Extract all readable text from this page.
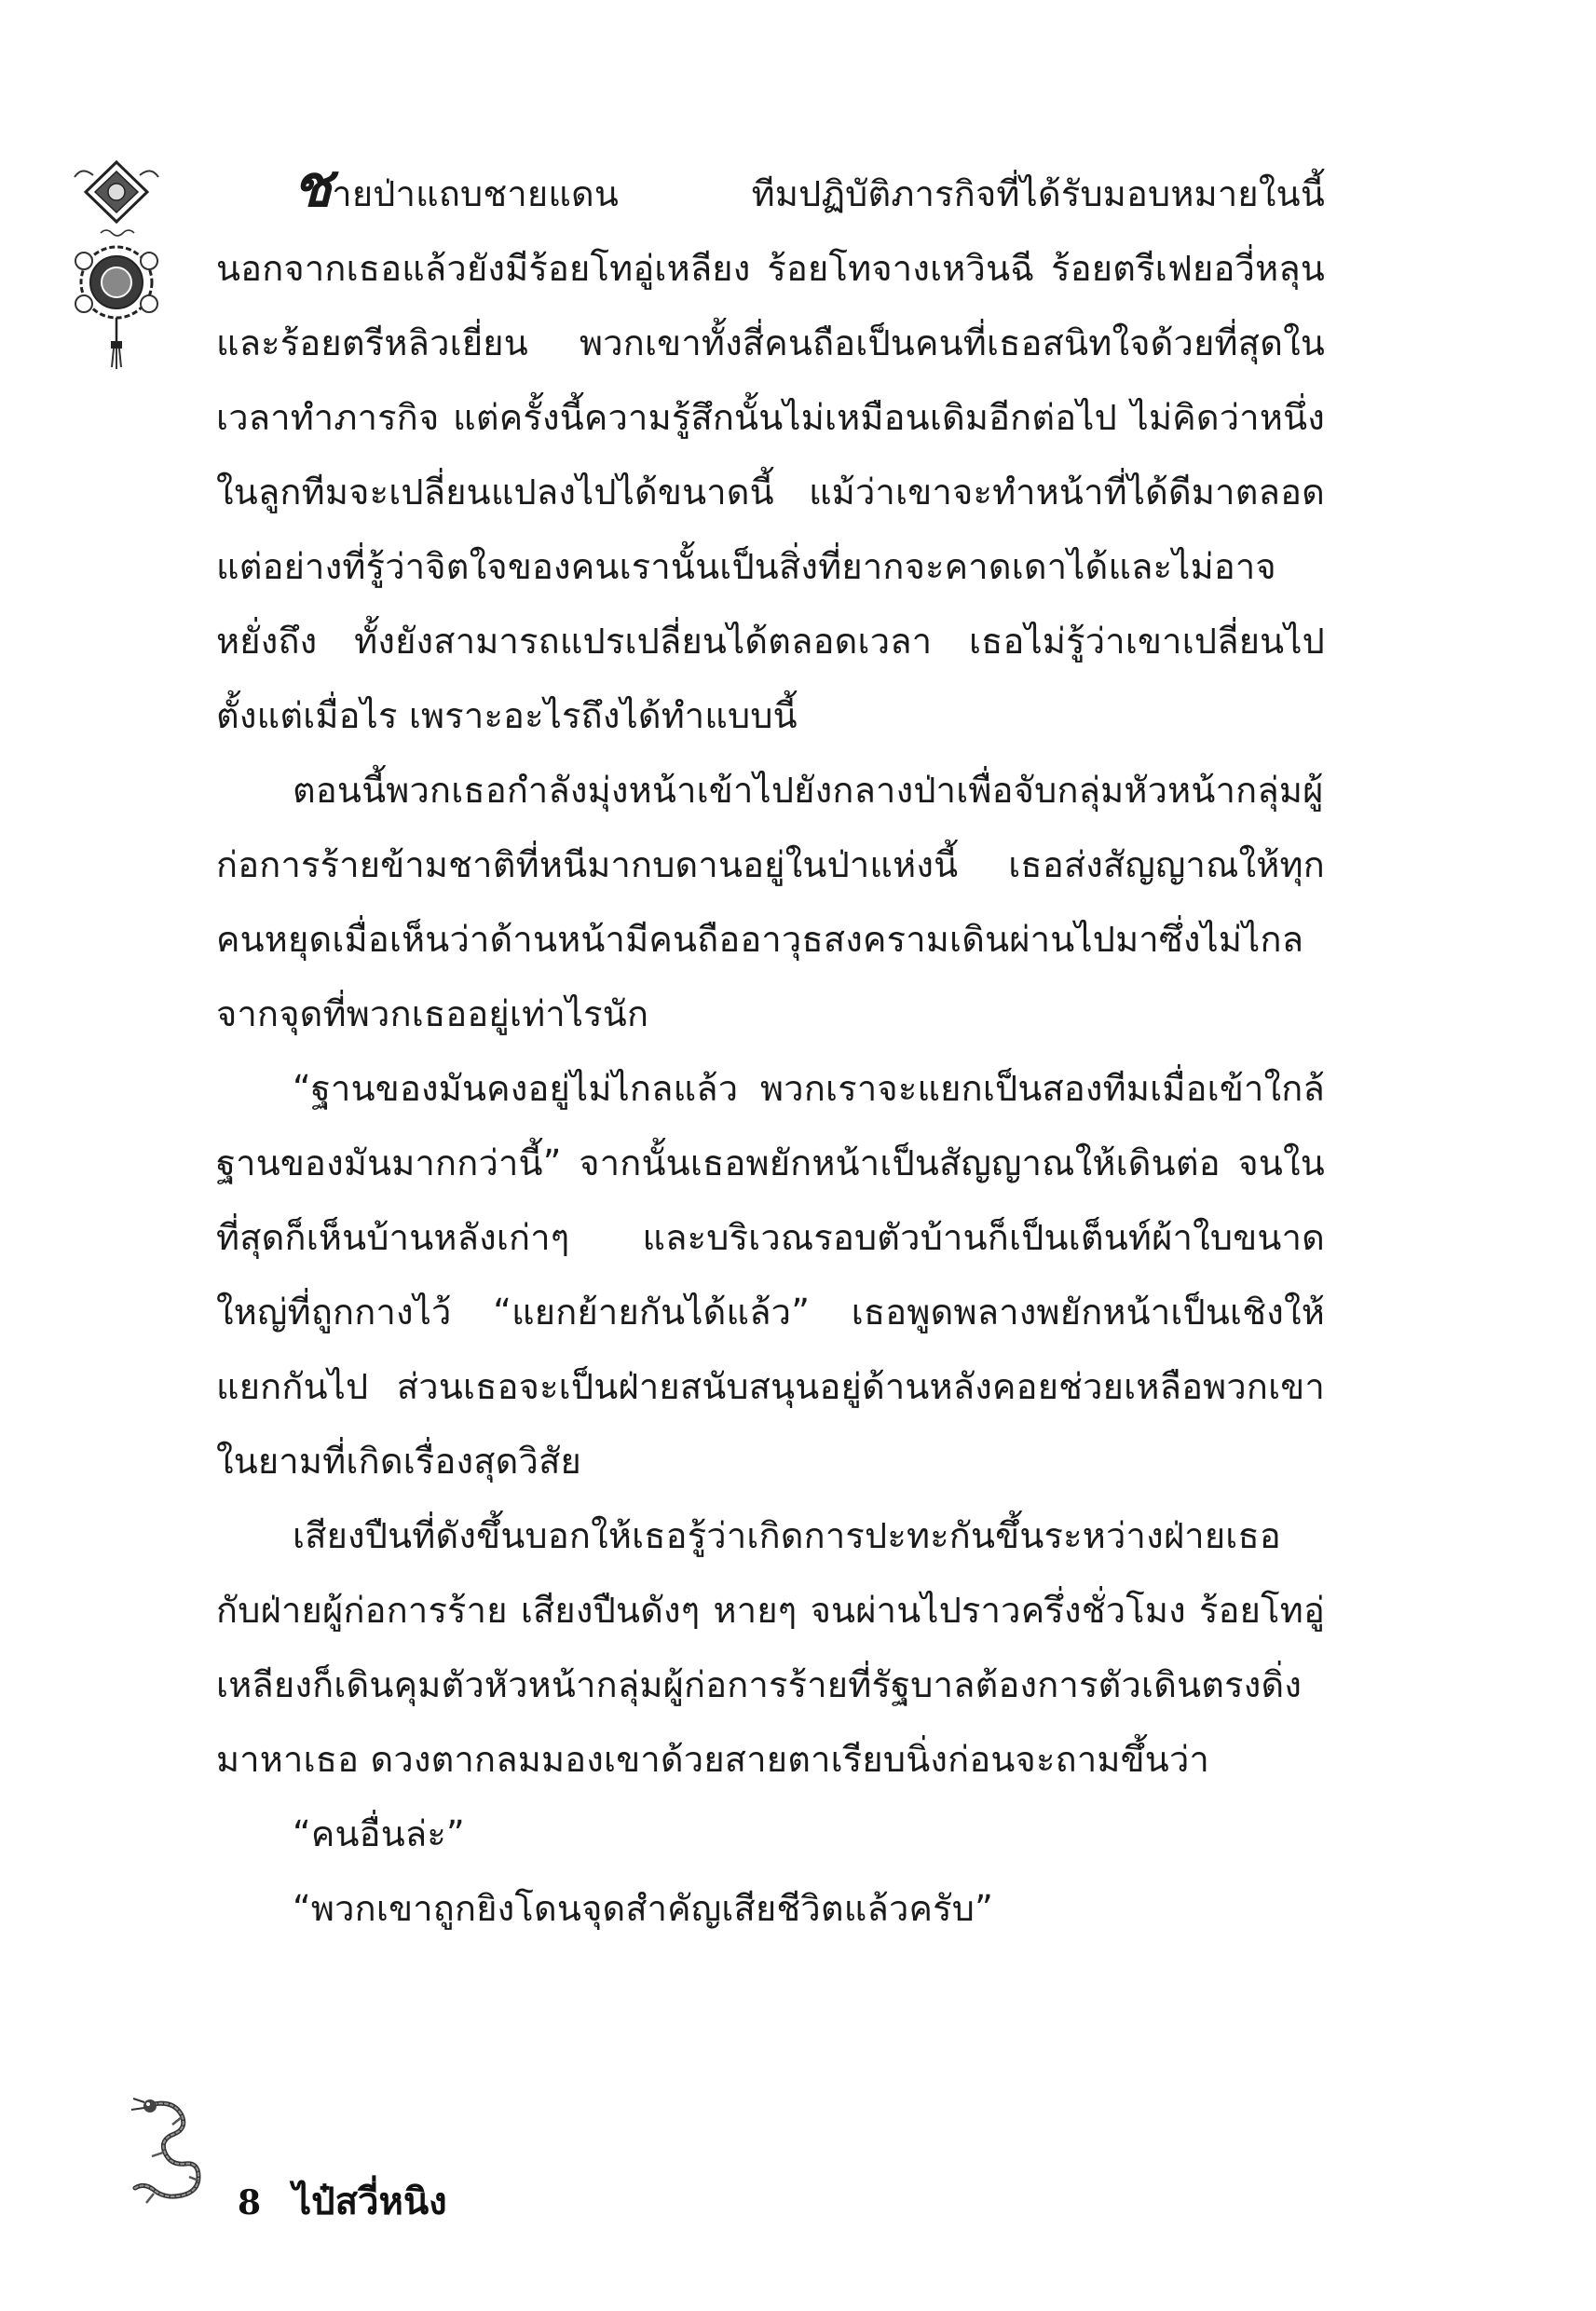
ชายป่าแถบชายแดน ทีมปฏิบัติภารกิจที่ได้รับมอบหมายในนี้นอกจากเธอแล้วยังมีร้อยโทอู่เหลียง ร้อยโทจางเหวินฉี ร้อยตรีเฟยอวี่หลุน และร้อยตรีหลิวเยี่ยน พวกเขาทั้งสี่คนถือเป็นคนที่เธอสนิทใจด้วยที่สุดในเวลาทำภารกิจ แต่ครั้งนี้ความรู้สึกนั้นไม่เหมือนเดิมอีกต่อไป ไม่คิดว่าหนึ่งในลูกทีมจะเปลี่ยนแปลงไปได้ขนาดนี้ แม้ว่าเขาจะทำหน้าที่ได้ดีมาตลอด แต่อย่างที่รู้ว่าจิตใจของคนเรานั้นเป็นสิ่งที่ยากจะคาดเดาได้และไม่อาจหยั่งถึง ทั้งยังสามารถแปรเปลี่ยนได้ตลอดเวลา เธอไม่รู้ว่าเขาเปลี่ยนไปตั้งแต่เมื่อไร เพราะอะไรถึงได้ทำแบบนี้

ตอนนี้พวกเธอกำลังมุ่งหน้าเข้าไปยังกลางป่าเพื่อจับกลุ่มหัวหน้ากลุ่มผู้ก่อการร้ายข้ามชาติที่หนีมากบดานอยู่ในป่าแห่งนี้ เธอส่งสัญญาณให้ทุกคนหยุดเมื่อเห็นว่าด้านหน้ามีคนถืออาวุธสงครามเดินผ่านไปมาซึ่งไม่ไกลจากจุดที่พวกเธออยู่เท่าไรนัก

“ฐานของมันคงอยู่ไม่ไกลแล้ว พวกเราจะแยกเป็นสองทีมเมื่อเข้าใกล้ฐานของมันมากกว่านี้” จากนั้นเธอพยักหน้าเป็นสัญญาณให้เดินต่อ จนในที่สุดก็เห็นบ้านหลังเก่าๆ และบริเวณรอบตัวบ้านก็เป็นเต็นท์ผ้าใบขนาดใหญ่ที่ถูกกางไว้ “แยกย้ายกันได้แล้ว” เธอพูดพลางพยักหน้าเป็นเชิงให้แยกกันไป ส่วนเธอจะเป็นฝ่ายสนับสนุนอยู่ด้านหลังคอยช่วยเหลือพวกเขาในยามที่เกิดเรื่องสุดวิสัย

เสียงปืนที่ดังขึ้นบอกให้เธอรู้ว่าเกิดการปะทะกันขึ้นระหว่างฝ่ายเธอกับฝ่ายผู้ก่อการร้าย เสียงปืนดังๆ หายๆ จนผ่านไปราวครึ่งชั่วโมง ร้อยโทอู่เหลียงก็เดินคุมตัวหัวหน้ากลุ่มผู้ก่อการร้ายที่รัฐบาลต้องการตัวเดินตรงดิ่งมาหาเธอ ดวงตากลมมองเขาด้วยสายตาเรียบนิ่งก่อนจะถามขึ้นว่า

“คนอื่นล่ะ”

“พวกเขาถูกยิงโดนจุดสำคัญเสียชีวิตแล้วครับ”

8 ไป๋สวี่หนิง
